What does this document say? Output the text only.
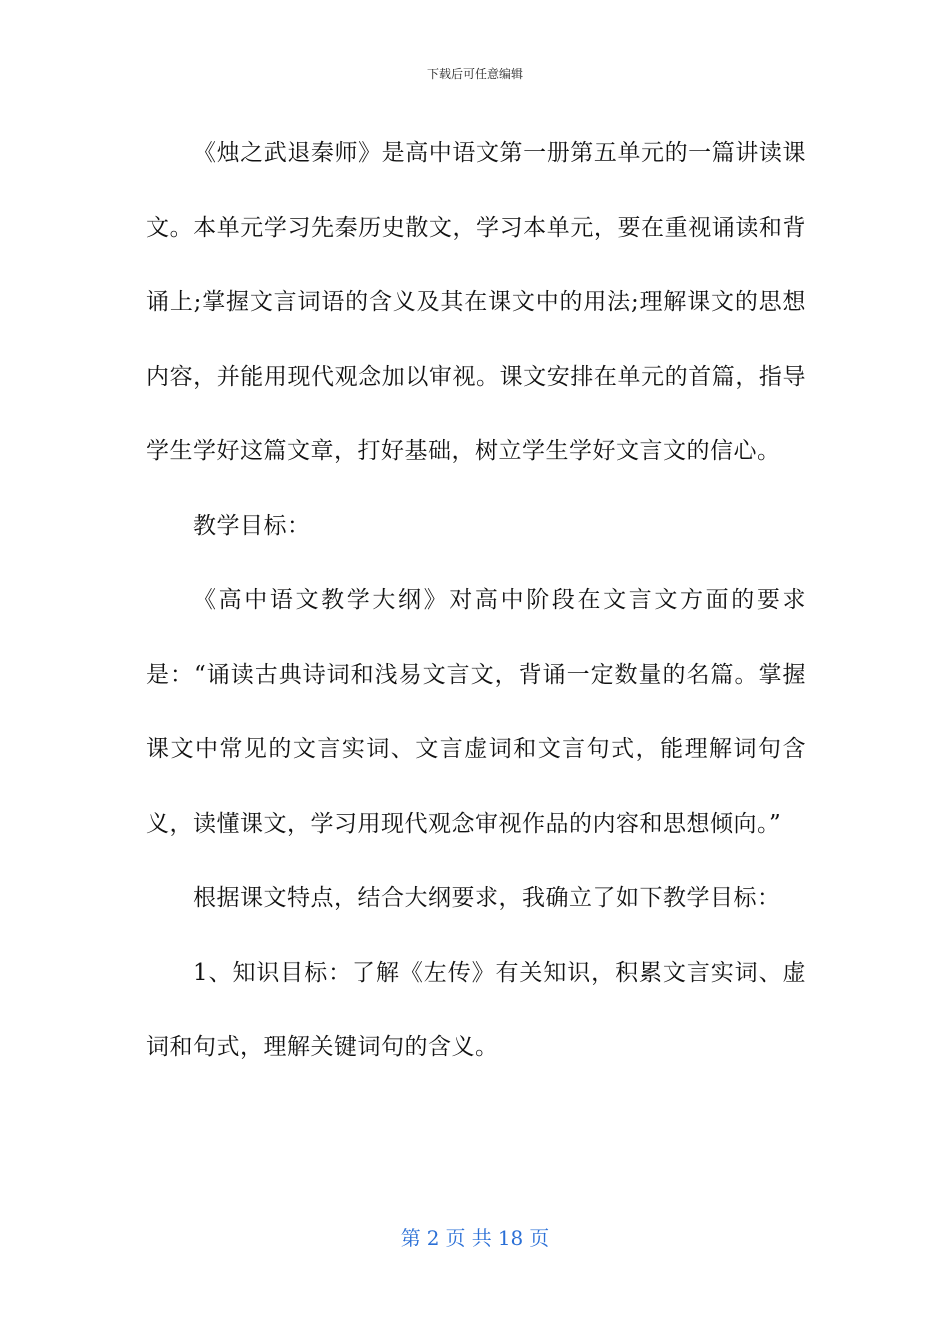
下载后可任意编辑

《烛之武退秦师》是高中语文第一册第五单元的一篇讲读课文。本单元学习先秦历史散文，学习本单元，要在重视诵读和背诵上;掌握文言词语的含义及其在课文中的用法;理解课文的思想内容，并能用现代观念加以审视。课文安排在单元的首篇，指导学生学好这篇文章，打好基础，树立学生学好文言文的信心。

教学目标：

《高中语文教学大纲》对高中阶段在文言文方面的要求是：“诵读古典诗词和浅易文言文，背诵一定数量的名篇。掌握课文中常见的文言实词、文言虚词和文言句式，能理解词句含义，读懂课文，学习用现代观念审视作品的内容和思想倾向。”

根据课文特点，结合大纲要求，我确立了如下教学目标：

1、知识目标：了解《左传》有关知识，积累文言实词、虚词和句式，理解关键词句的含义。

第 2 页 共 18 页
